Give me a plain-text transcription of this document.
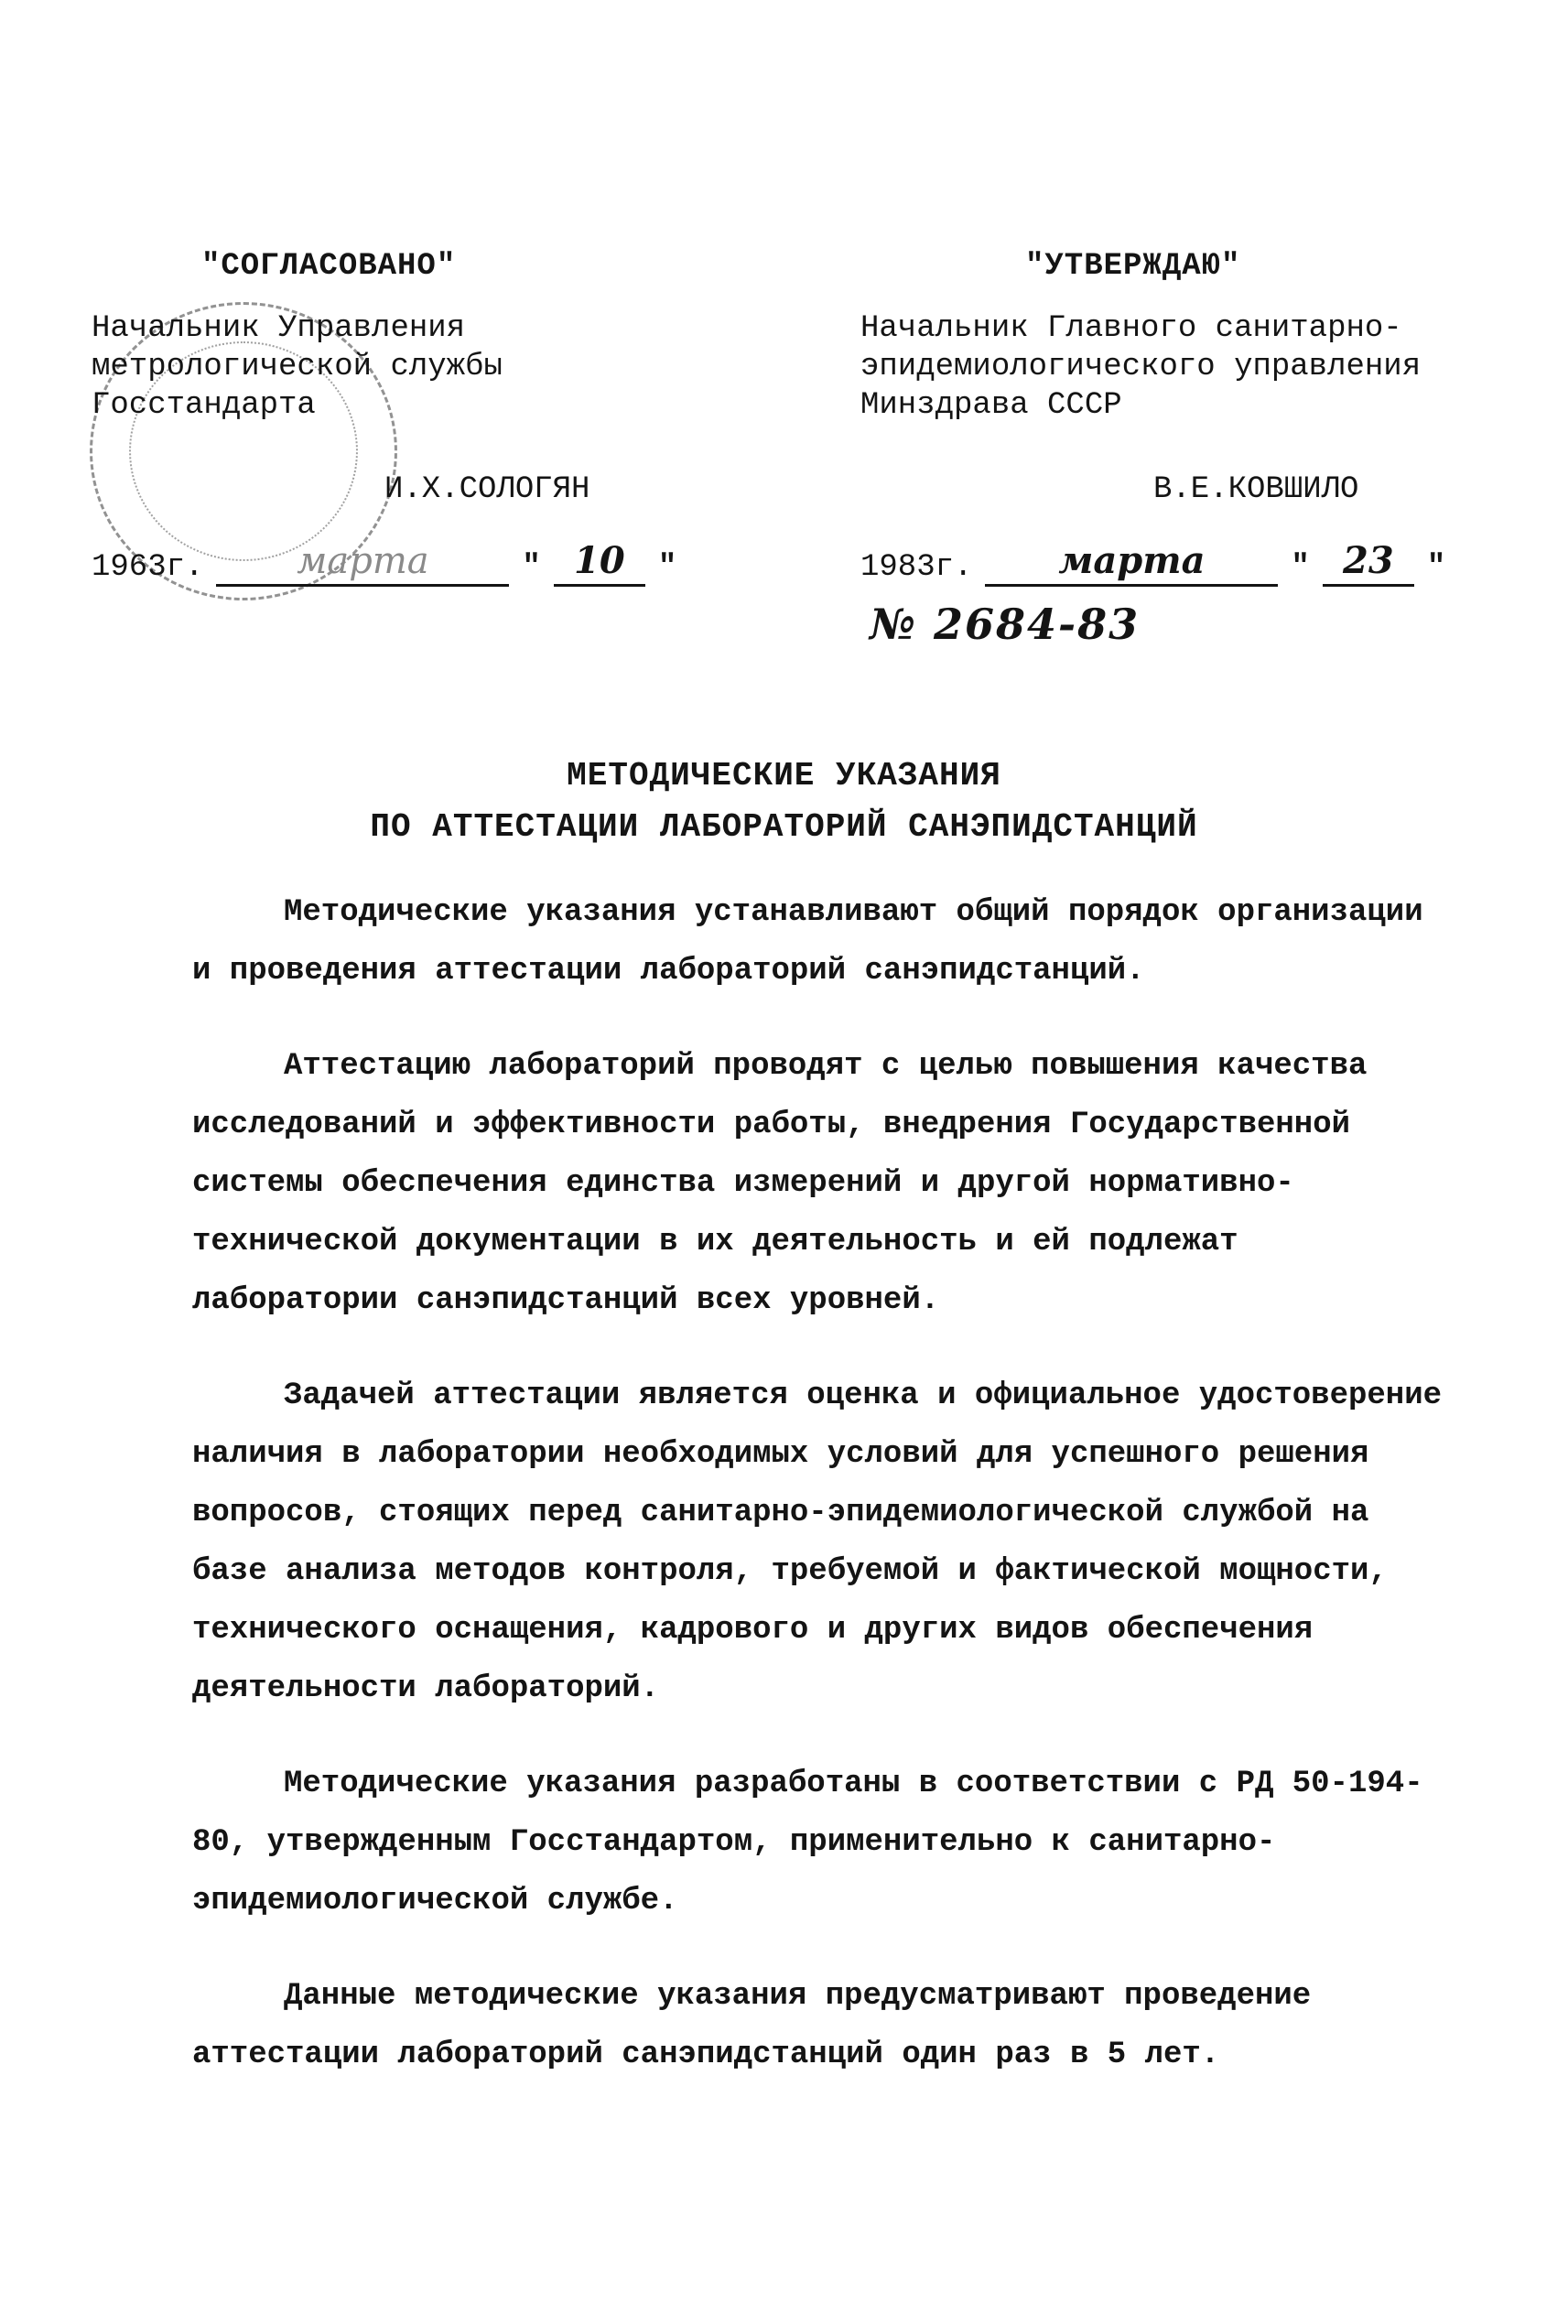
"СОГЛАСОВАНО"
Начальник Управления метрологической службы Госстандарта
И.Х.СОЛОГЯН
1963г.	марта	" 10	"
"УТВЕРЖДАЮ"
Начальник Главного санитарно-эпидемиологического управления Минздрава СССР
В.Е.КОВШИЛО
1983г.	марта	" 23	"
№ 2684-83
МЕТОДИЧЕСКИЕ УКАЗАНИЯ
ПО АТТЕСТАЦИИ ЛАБОРАТОРИЙ САНЭПИДСТАНЦИЙ

Методические указания устанавливают общий порядок организации и проведения аттестации лабораторий санэпидстанций.

Аттестацию лабораторий проводят с целью повышения качества исследований и эффективности работы, внедрения Государственной системы обеспечения единства измерений и другой нормативно-технической документации в их деятельность и ей подлежат лаборатории санэпидстанций всех уровней.

Задачей аттестации является оценка и официальное удостоверение наличия в лаборатории необходимых условий для успешного решения вопросов, стоящих перед санитарно-эпидемиологической службой на базе анализа методов контроля, требуемой и фактической мощности, технического оснащения, кадрового и других видов обеспечения деятельности лабораторий.

Методические указания разработаны в соответствии с РД 50-194-80, утвержденным Госстандартом, применительно к санитарно-эпидемиологической службе.

Данные методические указания предусматривают проведение аттестации лабораторий санэпидстанций один раз в 5 лет.
